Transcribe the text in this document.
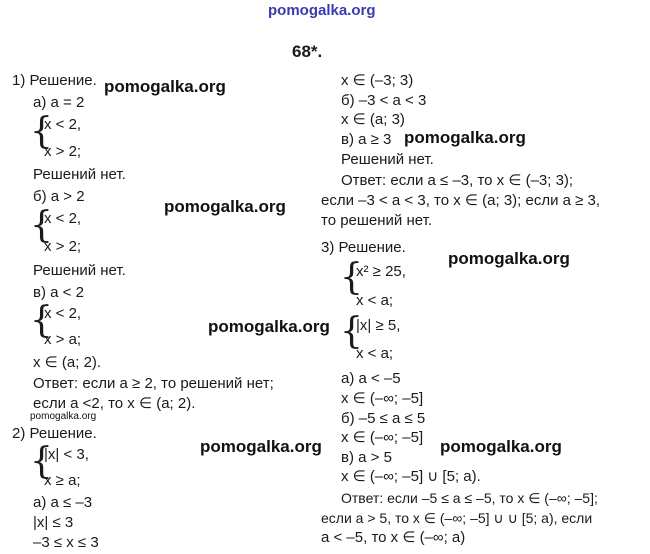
pomogalka.org
68*.
1) Решение.
а) a = 2
{
x < 2,
x > 2;
Решений нет.
б) a > 2
{
x < 2,
x > 2;
Решений нет.
в) a < 2
{
x < 2,
x > a;
x ∈ (a; 2).
Ответ: если a ≥ 2, то решений нет;
если a <2, то x ∈ (a; 2).
pomogalka.org
2) Решение.
{
|x| < 3,
x ≥ a;
а) a ≤ –3
|x| ≤ 3
–3 ≤ x ≤ 3
x ∈ (–3; 3)
б) –3 < a < 3
x ∈ (a; 3)
в) a ≥ 3
Решений нет.
Ответ: если a ≤ –3, то x ∈ (–3; 3);
если –3 < a < 3, то x ∈ (a; 3); если a ≥ 3,
то решений нет.
3) Решение.
{
x² ≥ 25,
x < a;
{
|x| ≥ 5,
x < a;
а) a < –5
x ∈ (–∞; –5]
б) –5 ≤ a ≤ 5
x ∈ (–∞; –5]
в) a > 5
x ∈ (–∞; –5] ∪ [5; a).
Ответ: если –5 ≤ a ≤ –5, то x ∈ (–∞; –5];
если a > 5, то x ∈ (–∞; –5] ∪ ∪ [5; a), если
a < –5, то x ∈ (–∞; a)
pomogalka.org
pomogalka.org
pomogalka.org
pomogalka.org
pomogalka.org
pomogalka.org	pomogalka.org
